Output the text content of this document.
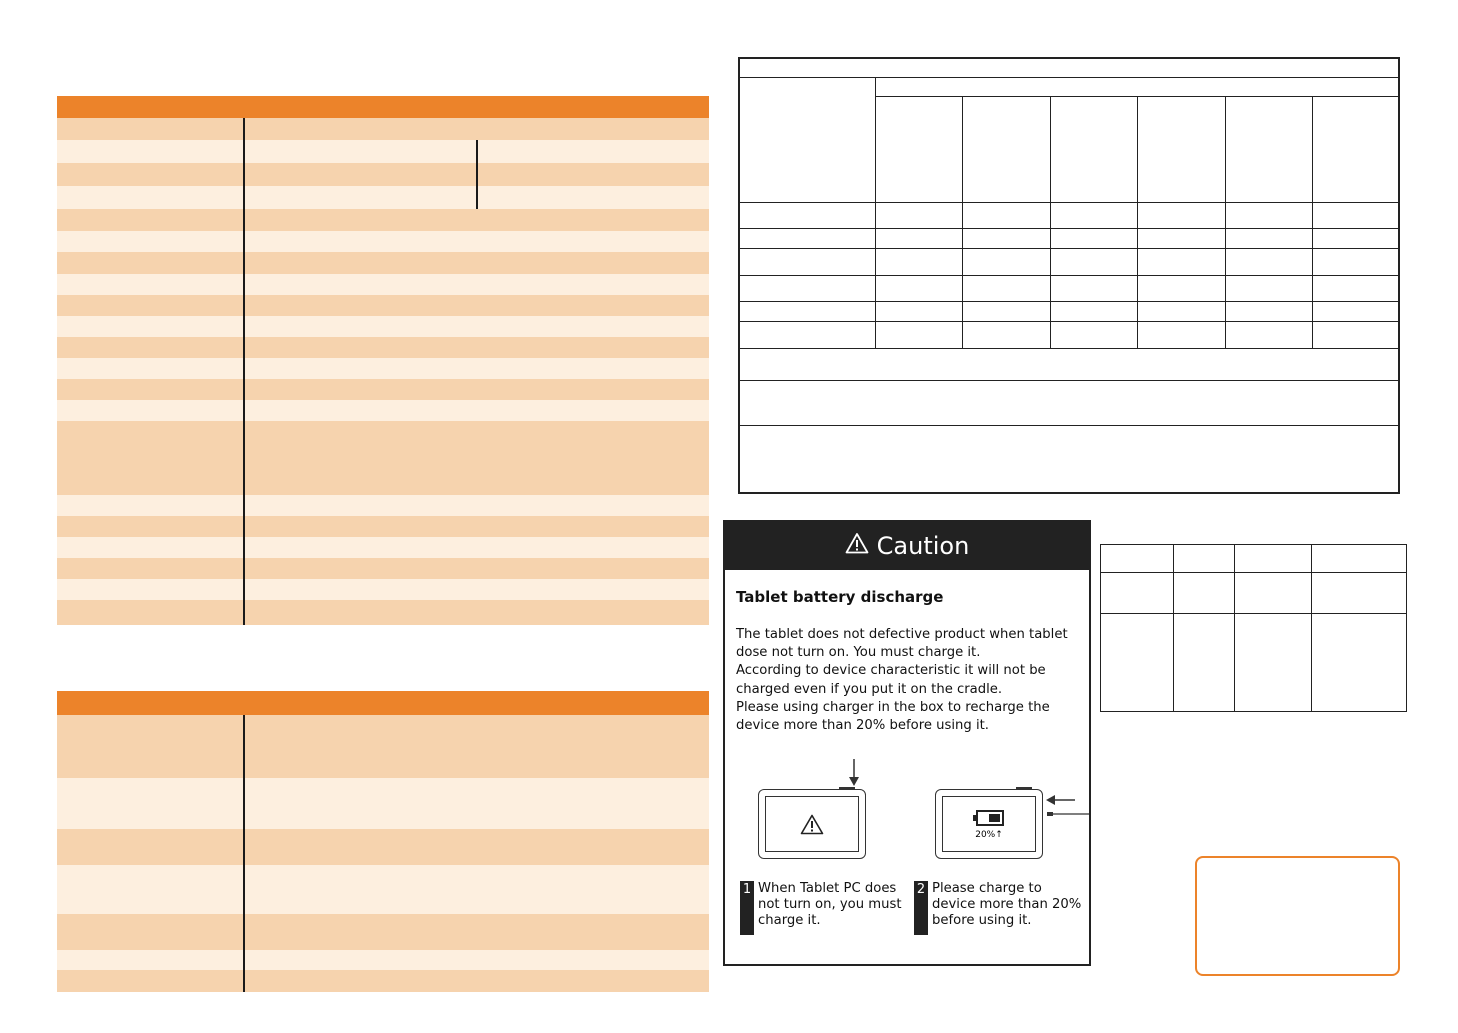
Caution
Tablet battery discharge

The tablet does not defective product when tablet dose not turn on. You must charge it.

According to device characteristic it will not be charged even if you put it on the cradle.

Please using charger in the box to recharge the device more than 20% before using it.

20%↑
1 When Tablet PC does not turn on, you must charge it.
2 Please charge to device more than 20% before using it.
